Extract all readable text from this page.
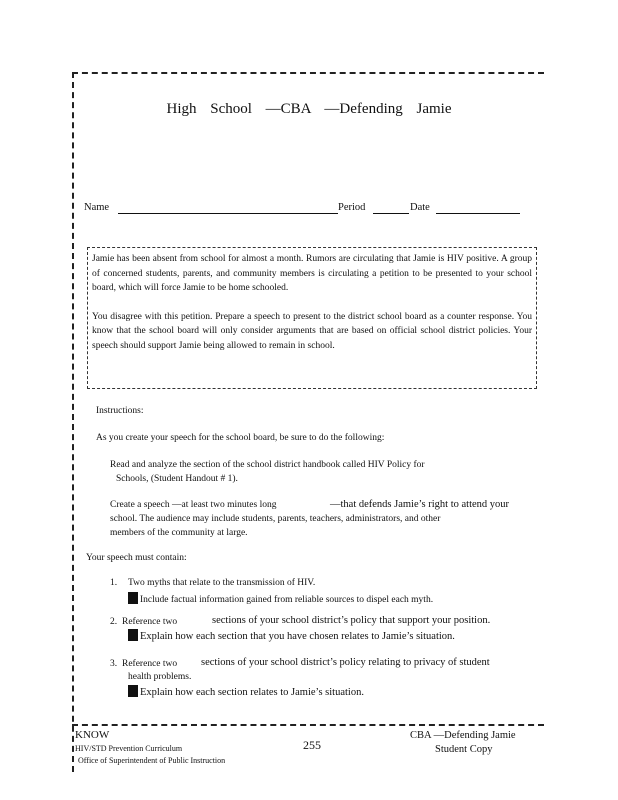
High School —CBA —Defending Jamie
Name	Period	Date

Jamie has been absent from school for almost a month. Rumors are circulating that Jamie is HIV positive. A group of concerned students, parents, and community members is circulating a petition to be presented to your school board, which will force Jamie to be home schooled.

You disagree with this petition. Prepare a speech to present to the district school board as a counter response. You know that the school board will only consider arguments that are based on official school district policies. Your speech should support Jamie being allowed to remain in school.

Instructions:
As you create your speech for the school board, be sure to do the following:
Read and analyze the section of the school district handbook called HIV Policy for
Schools, (Student Handout # 1).
Create a speech —at least two minutes long	—that defends Jamie’s right to attend your
school. The audience may include students, parents, teachers, administrators, and other
members of the community at large.
Your speech must contain:
1. Two myths that relate to the transmission of HIV.
Include factual information gained from reliable sources to dispel each myth.
2. Reference two	sections of your school district’s policy that support your position.
Explain how each section that you have chosen relates to Jamie’s situation.
3. Reference two sections of your school district’s policy relating to privacy of student
health problems.
Explain how each section relates to Jamie’s situation.
KNOW
HIV/STD Prevention Curriculum
Office of Superintendent of Public Instruction
255
CBA —Defending Jamie
Student Copy
